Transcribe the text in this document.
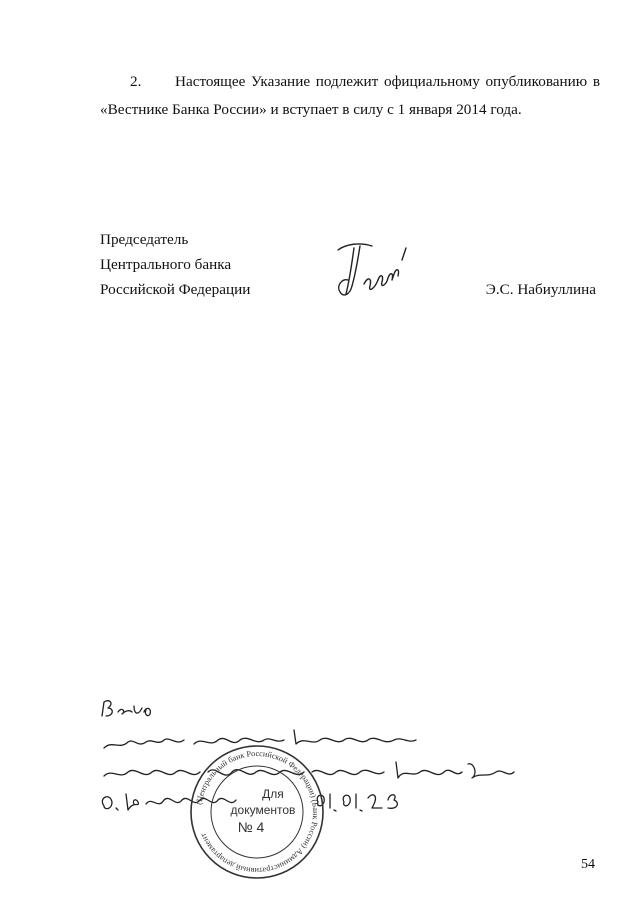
2.	Настоящее Указание подлежит официальному опубликованию в
«Вестнике Банка России» и вступает в силу с 1 января 2014 года.
Председатель
Центрального банка
Российской Федерации	Э.С. Набиуллина
(Центральный банк Российской Федерации) (Банк России) Административный департамент
Для
документов
№ 4
54
